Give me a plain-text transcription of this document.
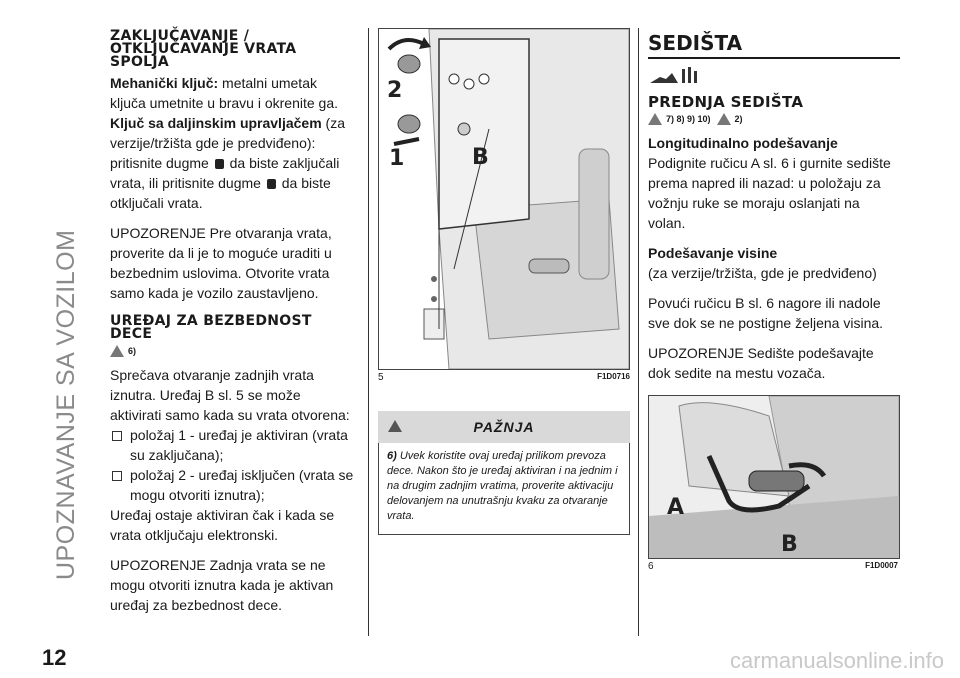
UPOZNAVANJE SA VOZILOM
ZAKLJUČAVANJE / OTKLJUČAVANJE VRATA SPOLJA

Mehanički ključ: metalni umetak ključa umetnite u bravu i okrenite ga.

Ključ sa daljinskim upravljačem (za verzije/tržišta gde je predviđeno): pritisnite dugme  da biste zaključali vrata, ili pritisnite dugme  da biste otključali vrata.

UPOZORENJE Pre otvaranja vrata, proverite da li je to moguće uraditi u bezbednim uslovima. Otvorite vrata samo kada je vozilo zaustavljeno.

UREĐAJ ZA BEZBEDNOST DECE
6)

Sprečava otvaranje zadnjih vrata iznutra. Uređaj B sl. 5 se može aktivirati samo kada su vrata otvorena:

položaj 1 - uređaj je aktiviran (vrata su zaključana);
položaj 2 - uređaj isključen (vrata se mogu otvoriti iznutra);

Uređaj ostaje aktiviran čak i kada se vrata otključaju elektronski.

UPOZORENJE Zadnja vrata se ne mogu otvoriti iznutra kada je aktivan uređaj za bezbednost dece.

2
1	B
5	F1D0716
PAŽNJA
6) Uvek koristite ovaj uređaj prilikom prevoza dece. Nakon što je uređaj aktiviran i na jednim i na drugim zadnjim vratima, proverite aktivaciju delovanjem na unutrašnju kvaku za otvaranje vrata.
SEDIŠTA
PREDNJA SEDIŠTA
7) 8) 9) 10)	2)

Longitudinalno podešavanje

Podignite ručicu A sl. 6 i gurnite sedište prema napred ili nazad: u položaju za vožnju ruke se moraju oslanjati na volan.

Podešavanje visine

(za verzije/tržišta, gde je predviđeno)

Povući ručicu B sl. 6 nagore ili nadole sve dok se ne postigne željena visina.

UPOZORENJE Sedište podešavajte dok sedite na mestu vozača.

A
B
6	F1D0007
12	carmanualsonline.info
